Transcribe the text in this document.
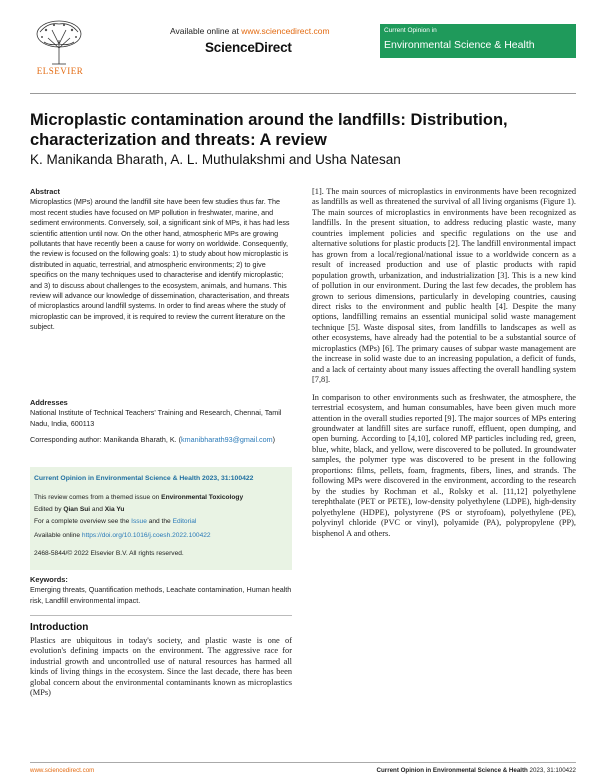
ELSEVIER
Available online at www.sciencedirect.com
ScienceDirect
Current Opinion in
Environmental Science & Health
Microplastic contamination around the landfills: Distribution, characterization and threats: A review
K. Manikanda Bharath, A. L. Muthulakshmi and Usha Natesan
Abstract
Microplastics (MPs) around the landfill site have been few studies thus far. The most recent studies have focused on MP pollution in freshwater, marine, and sediment environments. Conversely, soil, a significant sink of MPs, it has had less scientific attention until now. On the other hand, atmospheric MPs are growing pollutants that have recently been a cause for worry on worldwide. Consequently, the review is focused on the following goals: 1) to study about how microplastic is distributed in aquatic, terrestrial, and atmospheric environments; 2) to give specifics on the many techniques used to characterise and identify microplastic; and 3) to discuss about challenges to the ecosystem, animals, and humans. This review will advance our knowledge of dissemination, characterisation, and threats of microplastics around landfill systems. In order to find areas where the study of microplastic can be improved, it is required to review the current literature on the subject.
Addresses
National Institute of Technical Teachers' Training and Research, Chennai, Tamil Nadu, India, 600113
Corresponding author: Manikanda Bharath, K. (kmanibharath93@gmail.com)
Current Opinion in Environmental Science & Health 2023, 31:100422
This review comes from a themed issue on Environmental Toxicology
Edited by Qian Sui and Xia Yu
For a complete overview see the Issue and the Editorial
Available online https://doi.org/10.1016/j.coesh.2022.100422
2468-5844/© 2022 Elsevier B.V. All rights reserved.
Keywords:
Emerging threats, Quantification methods, Leachate contamination, Human health risk, Landfill environmental impact.
Introduction
Plastics are ubiquitous in today's society, and plastic waste is one of evolution's defining impacts on the environment. The aggressive race for industrial growth and uncontrolled use of natural resources has harmed all kinds of living things in the ecosystem. Since the last decade, there has been global concern about the environmental contaminants known as microplastics (MPs)

[1]. The main sources of microplastics in environments have been recognized as landfills as well as threatened the survival of all living organisms (Figure 1). The main sources of microplastics in environments have been recognized as landfills. In the present situation, to address reducing plastic waste, many countries implement policies and specific regulations on the use and alternative solutions for plastic products [2]. The landfill environmental impact has grown from a local/regional/national issue to a worldwide concern as a result of increased production and use of plastic products with rapid population growth, urbanization, and industrialization [3]. This is a new kind of pollution in our environment. During the last few decades, the problem has grown to serious dimensions, particularly in developing countries, causing direct risks to the environment and public health [4]. Despite the many options, landfilling remains an essential municipal solid waste management technique [5]. Waste disposal sites, from landfills to landscapes as well as other ecosystems, have already had the potential to be a substantial source of microplastics (MPs) [6]. The primary causes of subpar waste management are the increase in solid waste due to an increasing population, a deficit of funds, and a lack of certainty about many issues affecting the overall handling system [7,8].

In comparison to other environments such as freshwater, the atmosphere, the terrestrial ecosystem, and human consumables, have been given much more attention in the overall studies reported [9]. The major sources of MPs entering groundwater at landfill sites are surface runoff, effluent, open dumping, and open burning. According to [4,10], colored MP particles including red, green, blue, white, black, and yellow, were discovered to be polluted. In groundwater samples, the polymer type was discovered to be present in the following proportions: films, pellets, foam, fragments, fibers, lines, and strands. The following MPs were discovered in the environment, according to the research by the studies by Rochman et al., Rolsky et al. [11,12] polyethylene terephthalate (PET or PETE), low-density polyethylene (LDPE), high-density polyethylene (HDPE), polystyrene (PS or styrofoam), polyethylene (PE), polyvinyl chloride (PVC or vinyl), polyamide (PA), polypropylene (PP), bisphenol A and others.

www.sciencedirect.com	Current Opinion in Environmental Science & Health 2023, 31:100422
